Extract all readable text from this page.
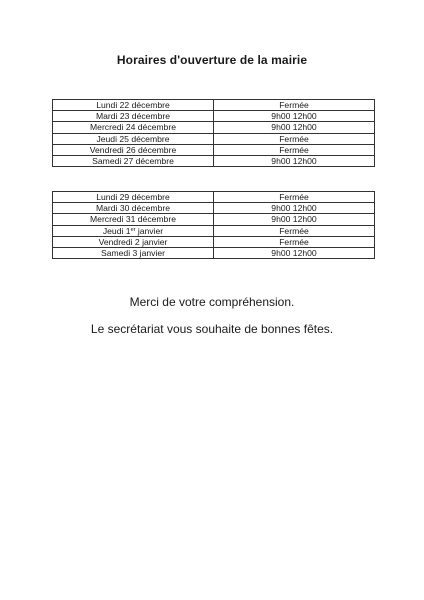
Horaires d'ouverture de la mairie
Lundi 22 décembre	Fermée
Mardi 23 décembre	9h00 12h00
Mercredi 24 décembre	9h00 12h00
Jeudi 25 décembre	Fermée
Vendredi 26 décembre	Fermée
Samedi 27 décembre	9h00 12h00
Lundi 29 décembre	Fermée
Mardi 30 décembre	9h00 12h00
Mercredi 31 décembre	9h00 12h00
Jeudi 1er janvier	Fermée
Vendredi 2 janvier	Fermée
Samedi 3 janvier	9h00 12h00
Merci de votre compréhension.
Le secrétariat vous souhaite de bonnes fêtes.
